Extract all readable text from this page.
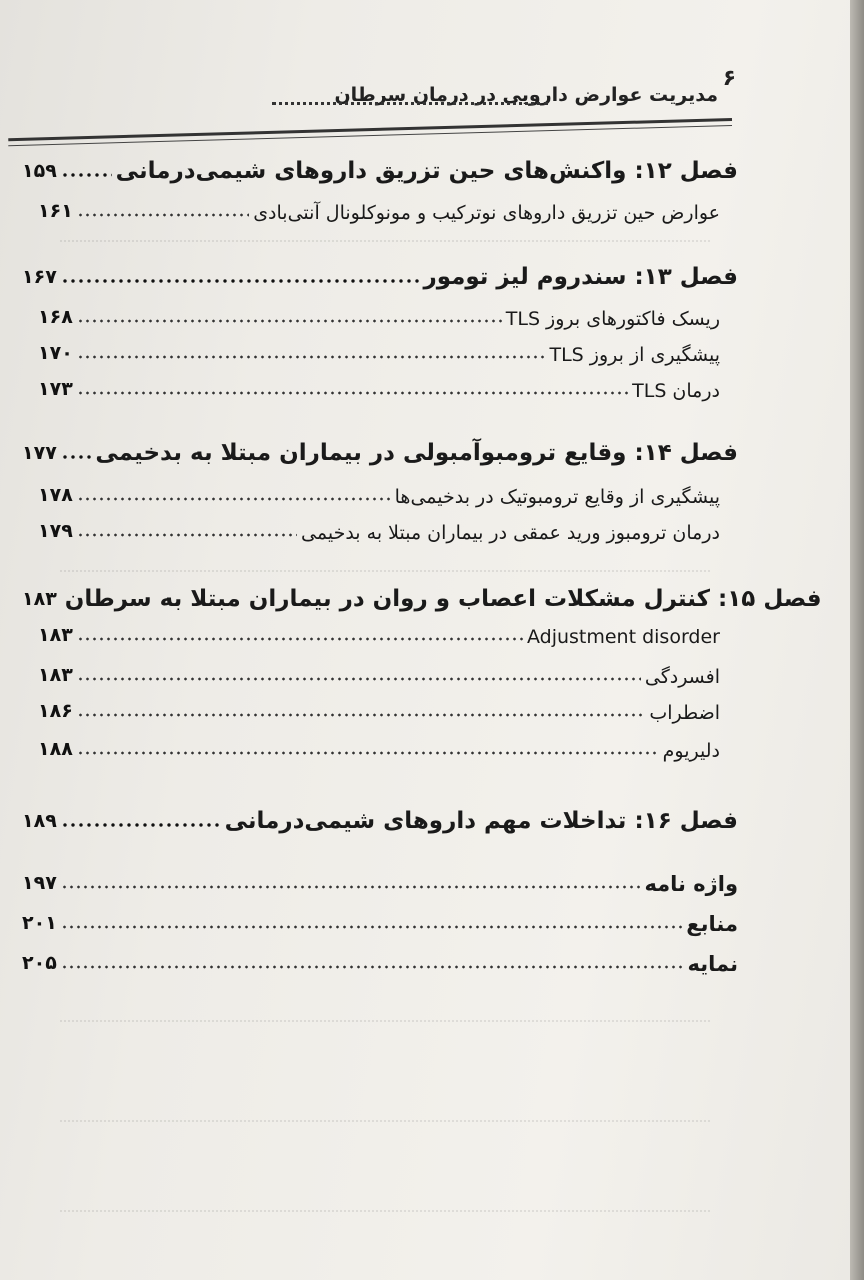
۶
مدیریت عوارض دارویی در درمان سرطان
۱۵۹	فصل ۱۲: واکنش‌های حین تزریق داروهای شیمی‌درمانی
۱۶۱	عوارض حین تزریق داروهای نوترکیب و مونوکلونال آنتی‌بادی
۱۶۷	فصل ۱۳: سندروم لیز تومور
۱۶۸	ریسک فاکتورهای بروز TLS
۱۷۰	پیشگیری از بروز TLS
۱۷۳	درمان TLS
۱۷۷ فصل ۱۴: وقایع ترومبوآمبولی در بیماران مبتلا به بدخیمی
۱۷۸	پیشگیری از وقایع ترومبوتیک در بدخیمی‌ها
۱۷۹	درمان ترومبوز ورید عمقی در بیماران مبتلا به بدخیمی
۱۸۳ فصل ۱۵: کنترل مشکلات اعصاب و روان در بیماران مبتلا به سرطان
۱۸۳	Adjustment disorder
۱۸۳	افسردگی
۱۸۶	اضطراب
۱۸۸	دلیریوم
۱۸۹	فصل ۱۶: تداخلات مهم داروهای شیمی‌درمانی
۱۹۷	واژه نامه
۲۰۱	منابع
۲۰۵	نمایه
